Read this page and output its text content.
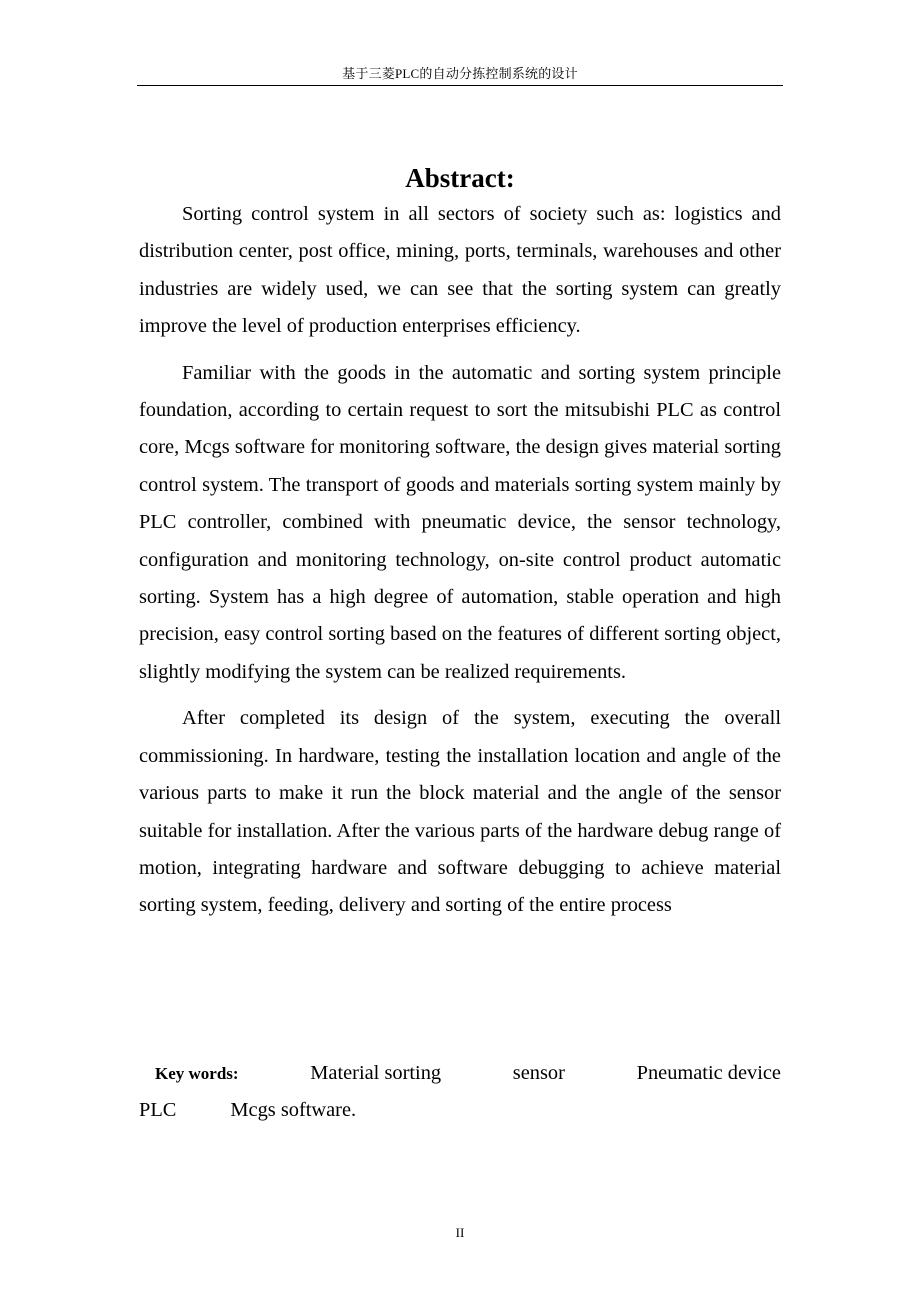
基于三菱PLC的自动分拣控制系统的设计
Abstract:

Sorting control system in all sectors of society such as: logistics and distribution center, post office, mining, ports, terminals, warehouses and other industries are widely used, we can see that the sorting system can greatly improve the level of production enterprises efficiency.

Familiar with the goods in the automatic and sorting system principle foundation, according to certain request to sort the mitsubishi PLC as control core, Mcgs software for monitoring software, the design gives material sorting control system. The transport of goods and materials sorting system mainly by PLC controller, combined with pneumatic device, the sensor technology, configuration and monitoring technology, on-site control product automatic sorting. System has a high degree of automation, stable operation and high precision, easy control sorting based on the features of different sorting object, slightly modifying the system can be realized requirements.

After completed its design of the system, executing the overall commissioning. In hardware, testing the installation location and angle of the various parts to make it run the block material and the angle of the sensor suitable for installation. After the various parts of the hardware debug range of motion, integrating hardware and software debugging to achieve material sorting system, feeding, delivery and sorting of the entire process

Key words:	Material sorting	sensor	Pneumatic device
PLC	Mcgs software.
II
